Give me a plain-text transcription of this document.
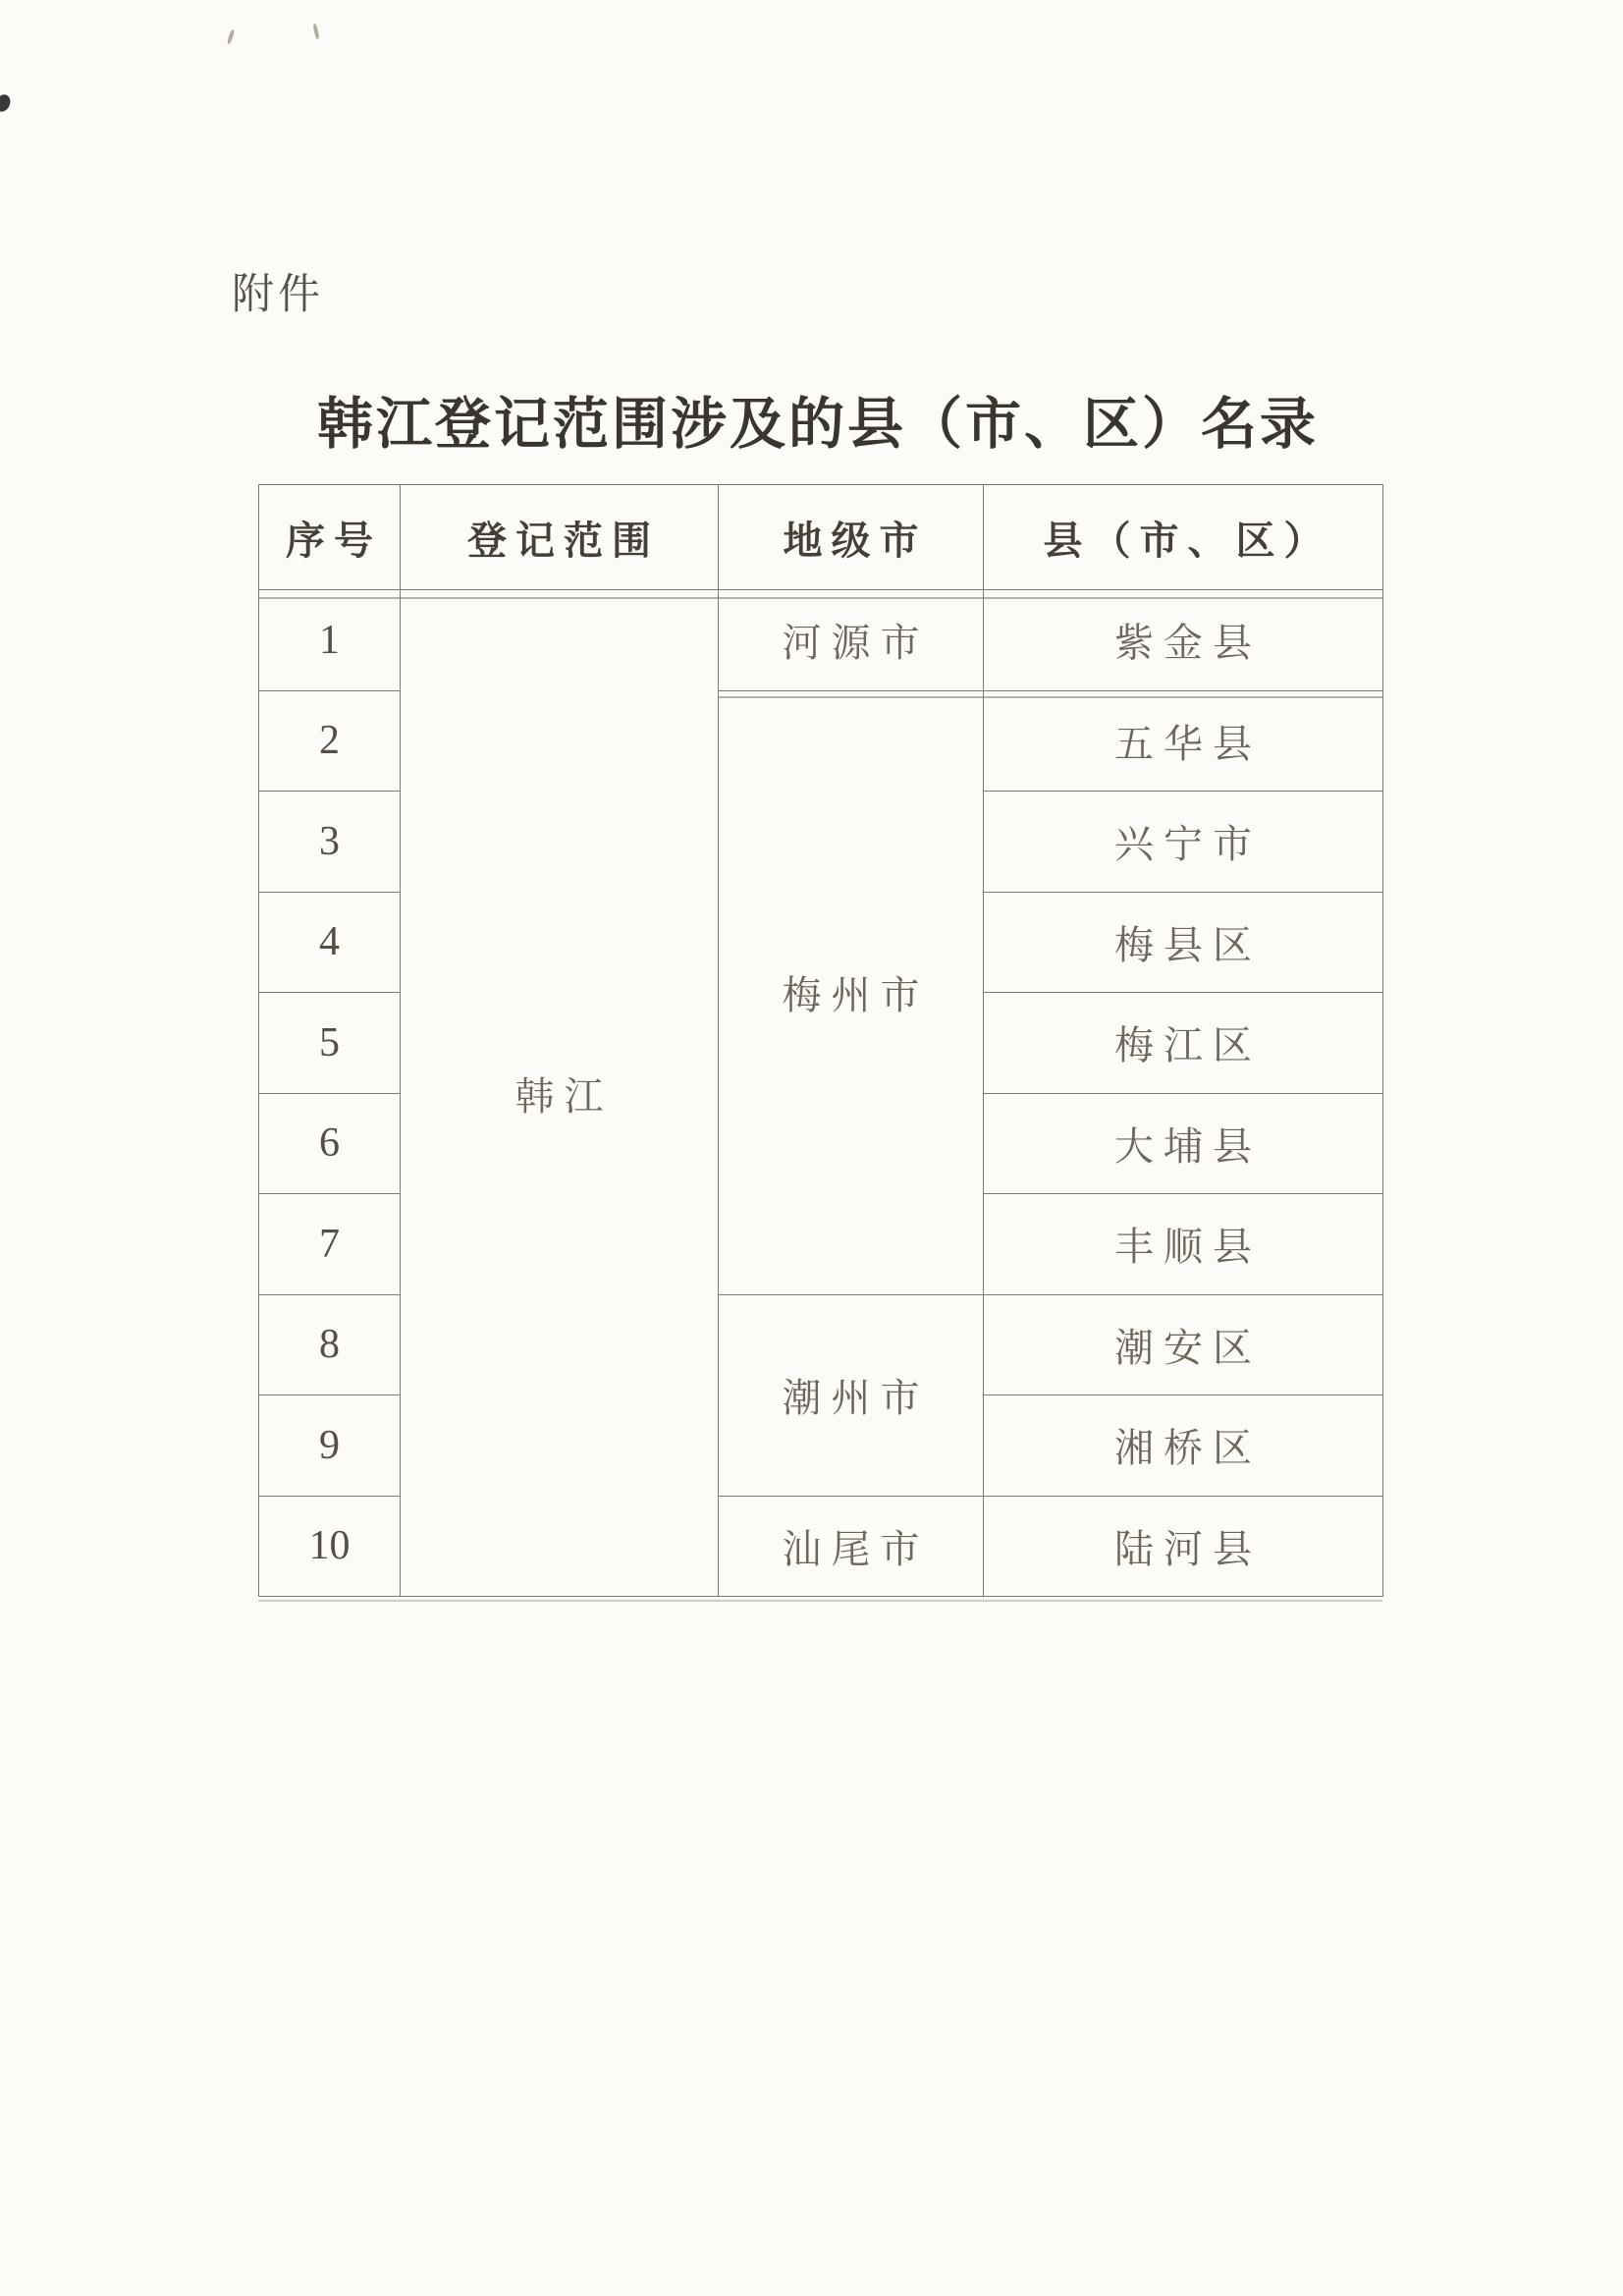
附件
韩江登记范围涉及的县（市、区）名录
序号	登记范围	地级市	县（市、区）
1	韩江	河源市	紫金县
2		梅州市	五华县
3			兴宁市
4			梅县区
5			梅江区
6			大埔县
7			丰顺县
8		潮州市	潮安区
9			湘桥区
10		汕尾市	陆河县
